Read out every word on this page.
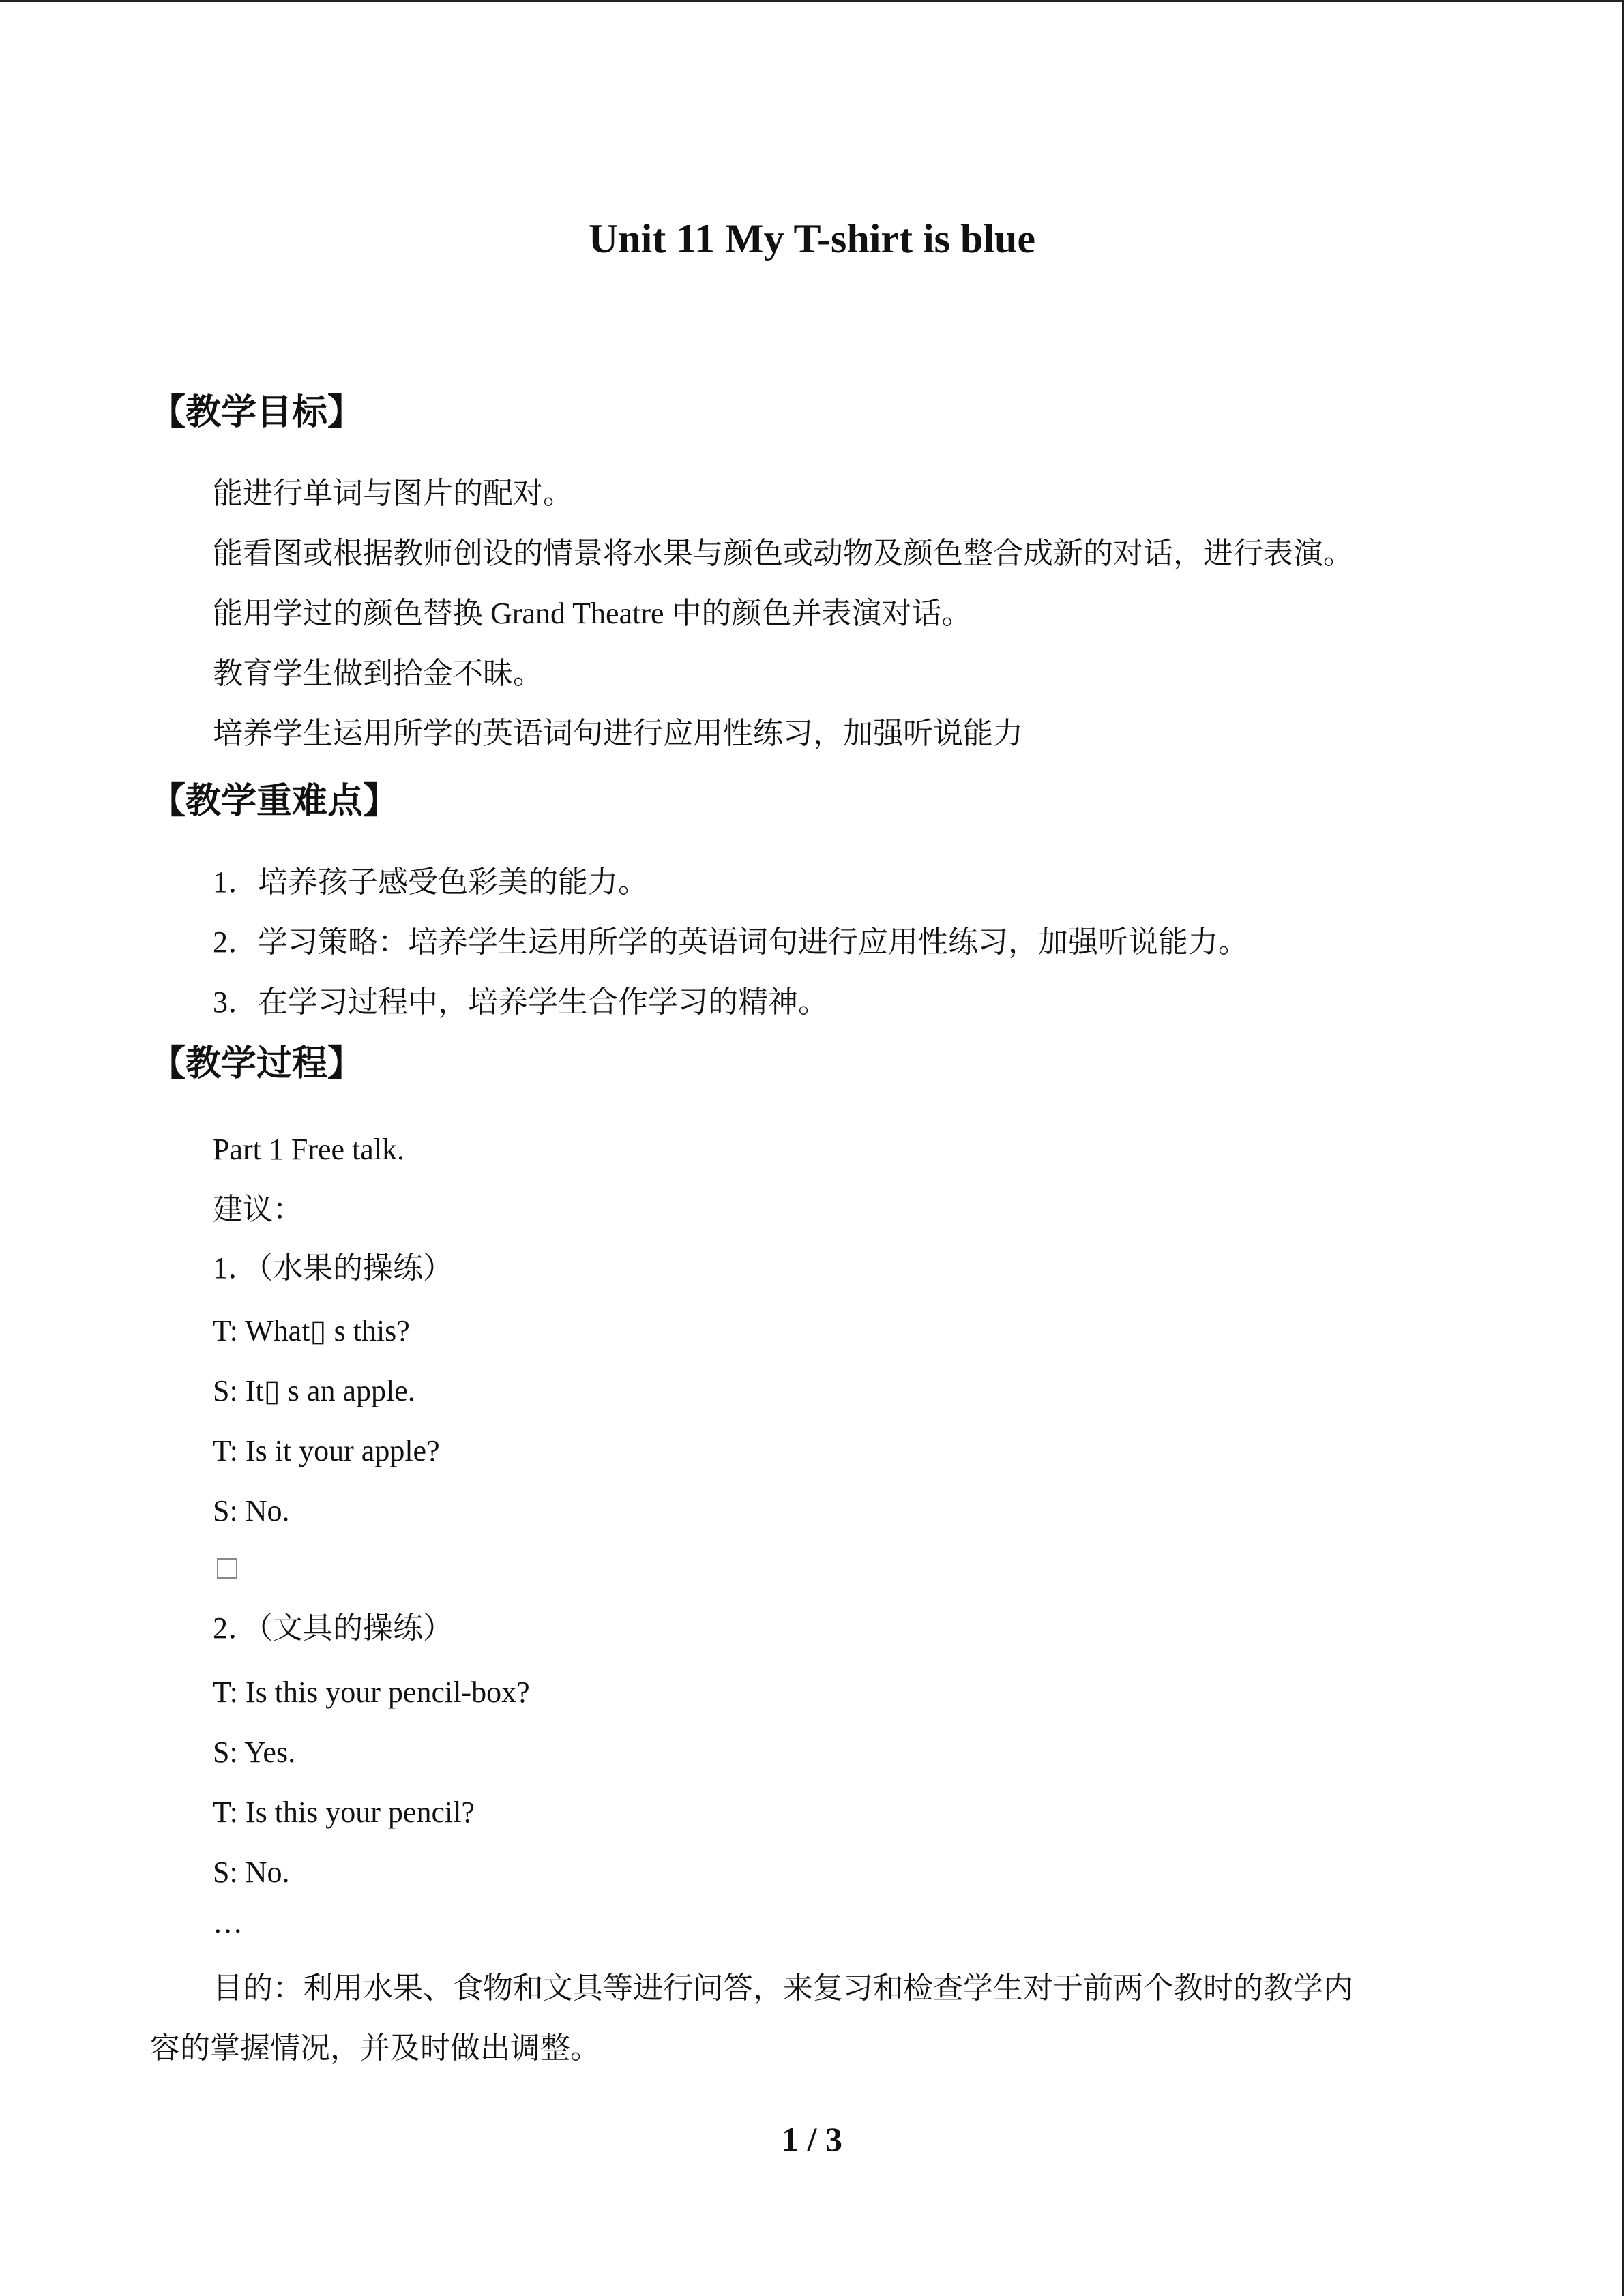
Unit 11 My T-shirt is blue
【教学目标】
能进行单词与图片的配对。
能看图或根据教师创设的情景将水果与颜色或动物及颜色整合成新的对话，进行表演。
能用学过的颜色替换 Grand Theatre 中的颜色并表演对话。
教育学生做到拾金不昧。
培养学生运用所学的英语词句进行应用性练习，加强听说能力
【教学重难点】
1．培养孩子感受色彩美的能力。
2．学习策略：培养学生运用所学的英语词句进行应用性练习，加强听说能力。
3．在学习过程中，培养学生合作学习的精神。
【教学过程】
Part 1 Free talk.
建议：
1．（水果的操练）
T: What▯ s this?
S: It▯ s an apple.
T: Is it your apple?
S: No.
2．（文具的操练）
T: Is this your pencil-box?
S: Yes.
T: Is this your pencil?
S: No.
…
目的：利用水果、食物和文具等进行问答，来复习和检查学生对于前两个教时的教学内
容的掌握情况，并及时做出调整。
1 / 3
